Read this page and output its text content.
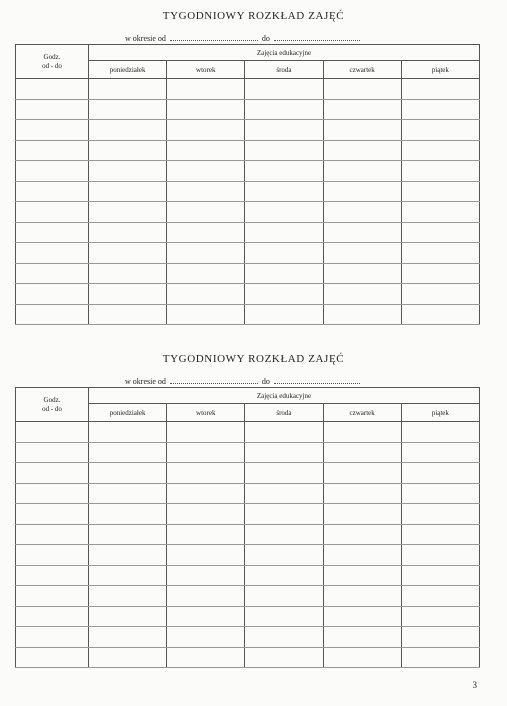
TYGODNIOWY ROZKŁAD ZAJĘĆ
w okresie od	do
Godz.
od - do	Zajęcia edukacyjne				
	poniedziałek	wtorek	środa	czwartek	piątek

TYGODNIOWY ROZKŁAD ZAJĘĆ
w okresie od	do
Godz.
od - do	Zajęcia edukacyjne				
	poniedziałek	wtorek	środa	czwartek	piątek

3
